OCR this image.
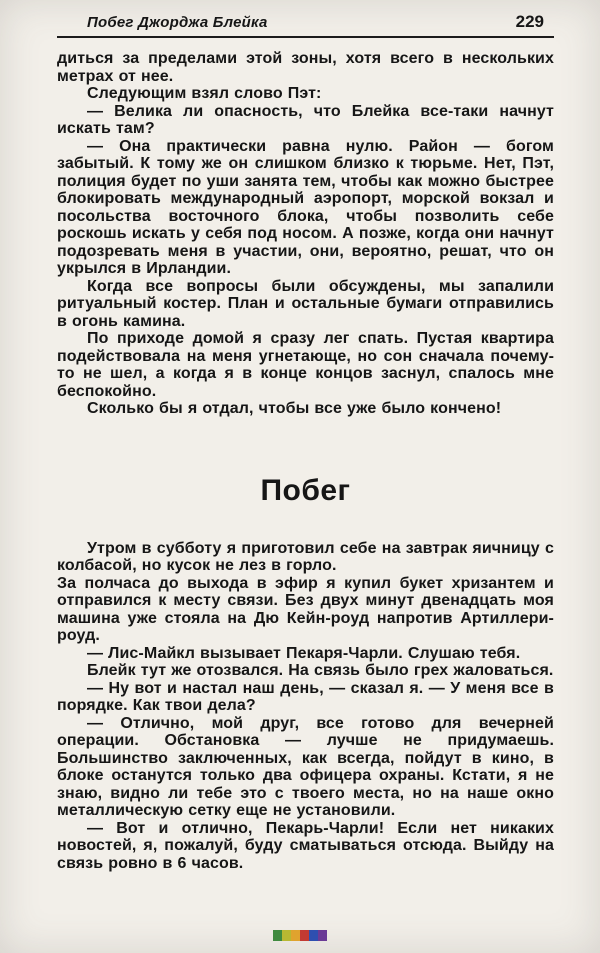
Побег Джорджа Блейка	229

диться за пределами этой зоны, хотя всего в нескольких метрах от нее.

Следующим взял слово Пэт:

— Велика ли опасность, что Блейка все-таки начнут искать там?

— Она практически равна нулю. Район — богом забытый. К тому же он слишком близко к тюрьме. Нет, Пэт, полиция будет по уши занята тем, чтобы как можно быстрее блокировать международный аэропорт, морской вокзал и посольства восточного блока, чтобы позволить себе роскошь искать у себя под носом. А позже, когда они начнут подозревать меня в участии, они, вероятно, решат, что он укрылся в Ирландии.

Когда все вопросы были обсуждены, мы запалили ритуальный костер. План и остальные бумаги отправились в огонь камина.

По приходе домой я сразу лег спать. Пустая квартира подействовала на меня угнетающе, но сон сначала почему-то не шел, а когда я в конце концов заснул, спалось мне беспокойно.

Сколько бы я отдал, чтобы все уже было кончено!

Побег

Утром в субботу я приготовил себе на завтрак яичницу с колбасой, но кусок не лез в горло.

За полчаса до выхода в эфир я купил букет хризантем и отправился к месту связи. Без двух минут двенадцать моя машина уже стояла на Дю Кейн-роуд напротив Артиллери-роуд.

— Лис-Майкл вызывает Пекаря-Чарли. Слушаю тебя.

Блейк тут же отозвался. На связь было грех жаловаться.

— Ну вот и настал наш день, — сказал я. — У меня все в порядке. Как твои дела?

— Отлично, мой друг, все готово для вечерней операции. Обстановка — лучше не придумаешь. Большинство заключенных, как всегда, пойдут в кино, в блоке останутся только два офицера охраны. Кстати, я не знаю, видно ли тебе это с твоего места, но на наше окно металлическую сетку еще не установили.

— Вот и отлично, Пекарь-Чарли! Если нет никаких новостей, я, пожалуй, буду сматываться отсюда. Выйду на связь ровно в 6 часов.
